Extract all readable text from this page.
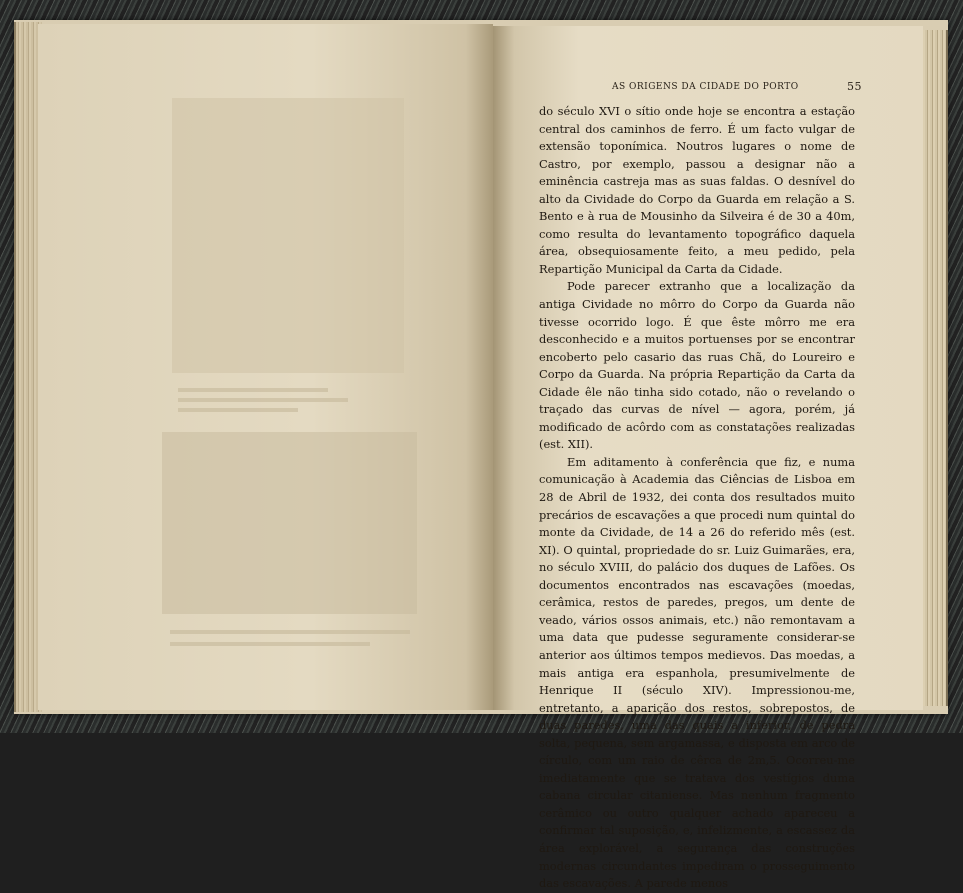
AS ORIGENS DA CIDADE DO PORTO	55

do século XVI o sítio onde hoje se encontra a estação central dos caminhos de ferro. É um facto vulgar de extensão toponímica. Noutros lugares o nome de Castro, por exemplo, passou a designar não a eminência castreja mas as suas faldas. O desnível do alto da Cividade do Corpo da Guarda em relação a S. Bento e à rua de Mousinho da Silveira é de 30 a 40m, como resulta do levantamento topográfico daquela área, obsequiosamente feito, a meu pedido, pela Repartição Municipal da Carta da Cidade.

Pode parecer extranho que a localização da antiga Cividade no môrro do Corpo da Guarda não tivesse ocorrido logo. É que êste môrro me era desconhecido e a muitos portuenses por se encontrar encoberto pelo casario das ruas Chã, do Loureiro e Corpo da Guarda. Na própria Repartição da Carta da Cidade êle não tinha sido cotado, não o revelando o traçado das curvas de nível — agora, porém, já modificado de acôrdo com as constatações realizadas (est. XII).

Em aditamento à conferência que fiz, e numa comunicação à Academia das Ciências de Lisboa em 28 de Abril de 1932, dei conta dos resultados muito precários de escavações a que procedi num quintal do monte da Cividade, de 14 a 26 do referido mês (est. XI). O quintal, propriedade do sr. Luiz Guimarães, era, no século XVIII, do palácio dos duques de Lafões. Os documentos encontrados nas escavações (moedas, cerâmica, restos de paredes, pregos, um dente de veado, vários ossos animais, etc.) não remontavam a uma data que pudesse seguramente considerar-se anterior aos últimos tempos medievos. Das moedas, a mais antiga era espanhola, presumivelmente de Henrique II (século XIV). Impressionou-me, entretanto, a aparição dos restos, sobrepostos, de duas paredes, uma das quais a inferior, de pedra solta, pequena, sem argamassa, e disposta em arco de círculo, com um raio de cêrca de 2m,5. Ocorreu-me imediatamente que se tratava dos vestígios duma cabana circular citaniense. Mas nenhum fragmento cerâmico ou outro qualquer achado apareceu a confirmar tal suposição, e, infelizmente, a escassez da área explorável, a segurança das construções modernas circundantes impediram o prosseguimento das escavações. A parede menos
